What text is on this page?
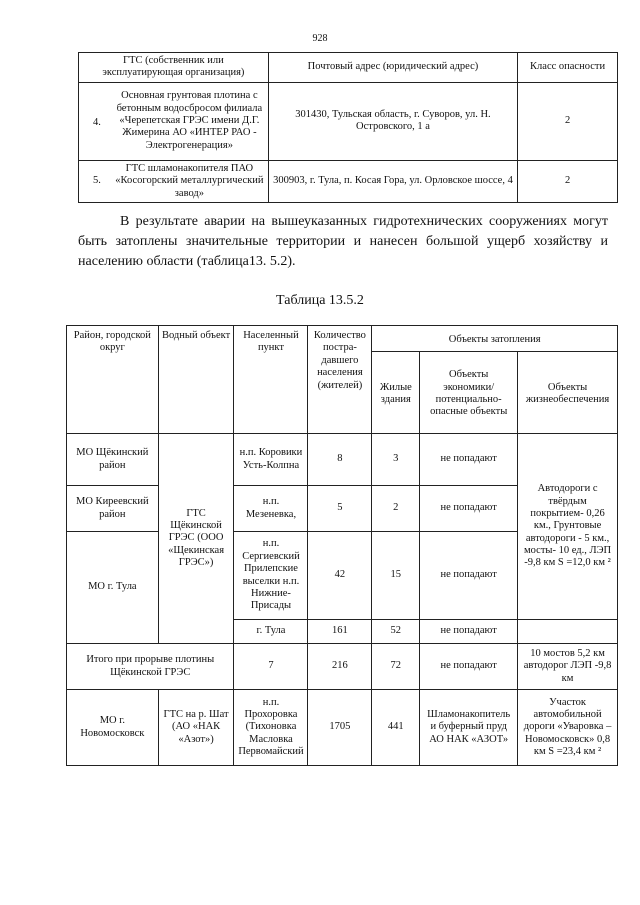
928
ГТС (собственник или эксплуатирующая организация)	Почтовый адрес (юридический адрес)	Класс опасности

4.
Основная грунтовая плотина с бетонным водосбросом филиала «Черепетская ГРЭС имени Д.Г. Жимерина АО «ИНТЕР РАО - Электрогенерация»	301430, Тульская область, г. Суворов, ул. Н. Островского, 1 а	2

5.
ГТС шламонакопителя ПАО «Косогорский металлургический завод»	300903, г. Тула, п. Косая Гора, ул. Орловское шоссе, 4	2
В результате аварии на вышеуказанных гидротехнических сооружениях могут быть затоплены значительные территории и нанесен большой ущерб хозяйству и населению области (таблица13. 5.2).
Таблица 13.5.2
Район, городской округ	Водный объект	Населенный пункт	Количество постра- давшего населения (жителей)	Объекты затопления		
				Жилые здания	Объекты экономики/ потенциально- опасные объекты	Объекты жизнеобеспечения
МО Щёкинский район	ГТС Щёкинской ГРЭС (ООО «Щекинская ГРЭС»)	н.п. Коровики Усть-Колпна	8	3	не попадают	Автодороги с твёрдым покрытием- 0,26 км., Грунтовые автодороги - 5 км., мосты- 10 ед., ЛЭП -9,8 км S =12,0 км ²
МО Киреевский район		н.п. Мезеневка,	5	2	не попадают	
МО г. Тула		н.п. Сергиевский Прилепские выселки н.п. Нижние-Присады	42	15	не попадают	
		г. Тула	161	52	не попадают	
Итого при прорыве плотины Щёкинской ГРЭС		7	216	72	не попадают	10 мостов 5,2 км автодорог ЛЭП -9,8 км
МО г. Новомосковск	ГТС на р. Шат (АО «НАК «Азот»)	н.п. Прохоровка (Тихоновка Масловка Первомайский	1705	441	Шламонакопитель и буферный пруд АО НАК «АЗОТ»	Участок автомобильной дороги «Уваровка – Новомосковск» 0,8 км S =23,4 км ²
